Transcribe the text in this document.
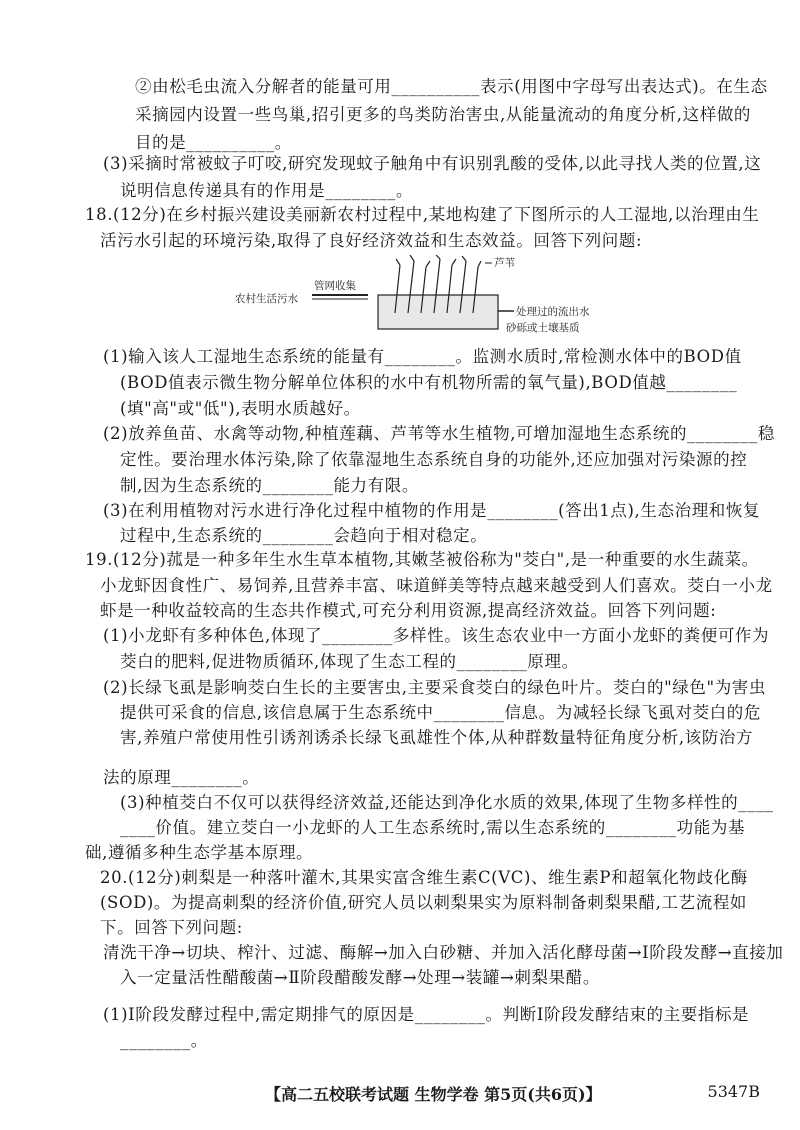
②由松毛虫流入分解者的能量可用__________表示(用图中字母写出表达式)。在生态
采摘园内设置一些鸟巢,招引更多的鸟类防治害虫,从能量流动的角度分析,这样做的
目的是__________。
(3)采摘时常被蚊子叮咬,研究发现蚊子触角中有识别乳酸的受体,以此寻找人类的位置,这
说明信息传递具有的作用是________。
18.(12分)在乡村振兴建设美丽新农村过程中,某地构建了下图所示的人工湿地,以治理由生
活污水引起的环境污染,取得了良好经济效益和生态效益。回答下列问题:
农村生活污水
管网收集
芦苇
处理过的流出水
砂砾或土壤基质
(1)输入该人工湿地生态系统的能量有________。监测水质时,常检测水体中的BOD值
(BOD值表示微生物分解单位体积的水中有机物所需的氧气量),BOD值越________
(填"高"或"低"),表明水质越好。
(2)放养鱼苗、水禽等动物,种植莲藕、芦苇等水生植物,可增加湿地生态系统的________稳
定性。要治理水体污染,除了依靠湿地生态系统自身的功能外,还应加强对污染源的控
制,因为生态系统的________能力有限。
(3)在利用植物对污水进行净化过程中植物的作用是________(答出1点),生态治理和恢复
过程中,生态系统的________会趋向于相对稳定。
19.(12分)菰是一种多年生水生草本植物,其嫩茎被俗称为"茭白",是一种重要的水生蔬菜。
小龙虾因食性广、易饲养,且营养丰富、味道鲜美等特点越来越受到人们喜欢。茭白一小龙
虾是一种收益较高的生态共作模式,可充分利用资源,提高经济效益。回答下列问题:
(1)小龙虾有多种体色,体现了________多样性。该生态农业中一方面小龙虾的粪便可作为
茭白的肥料,促进物质循环,体现了生态工程的________原理。
(2)长绿飞虱是影响茭白生长的主要害虫,主要采食茭白的绿色叶片。茭白的"绿色"为害虫
提供可采食的信息,该信息属于生态系统中________信息。为减轻长绿飞虱对茭白的危
害,养殖户常使用性引诱剂诱杀长绿飞虱雄性个体,从种群数量特征角度分析,该防治方
法的原理________。
(3)种植茭白不仅可以获得经济效益,还能达到净化水质的效果,体现了生物多样性的____
____价值。建立茭白一小龙虾的人工生态系统时,需以生态系统的________功能为基
础,遵循多种生态学基本原理。
20.(12分)刺梨是一种落叶灌木,其果实富含维生素C(VC)、维生素P和超氧化物歧化酶
(SOD)。为提高刺梨的经济价值,研究人员以刺梨果实为原料制备刺梨果醋,工艺流程如
下。回答下列问题:
清洗干净→切块、榨汁、过滤、酶解→加入白砂糖、并加入活化酵母菌→Ⅰ阶段发酵→直接加
入一定量活性醋酸菌→Ⅱ阶段醋酸发酵→处理→装罐→刺梨果醋。
(1)Ⅰ阶段发酵过程中,需定期排气的原因是________。判断Ⅰ阶段发酵结束的主要指标是
________。
【高二五校联考试题 生物学卷 第5页(共6页)】	5347B
